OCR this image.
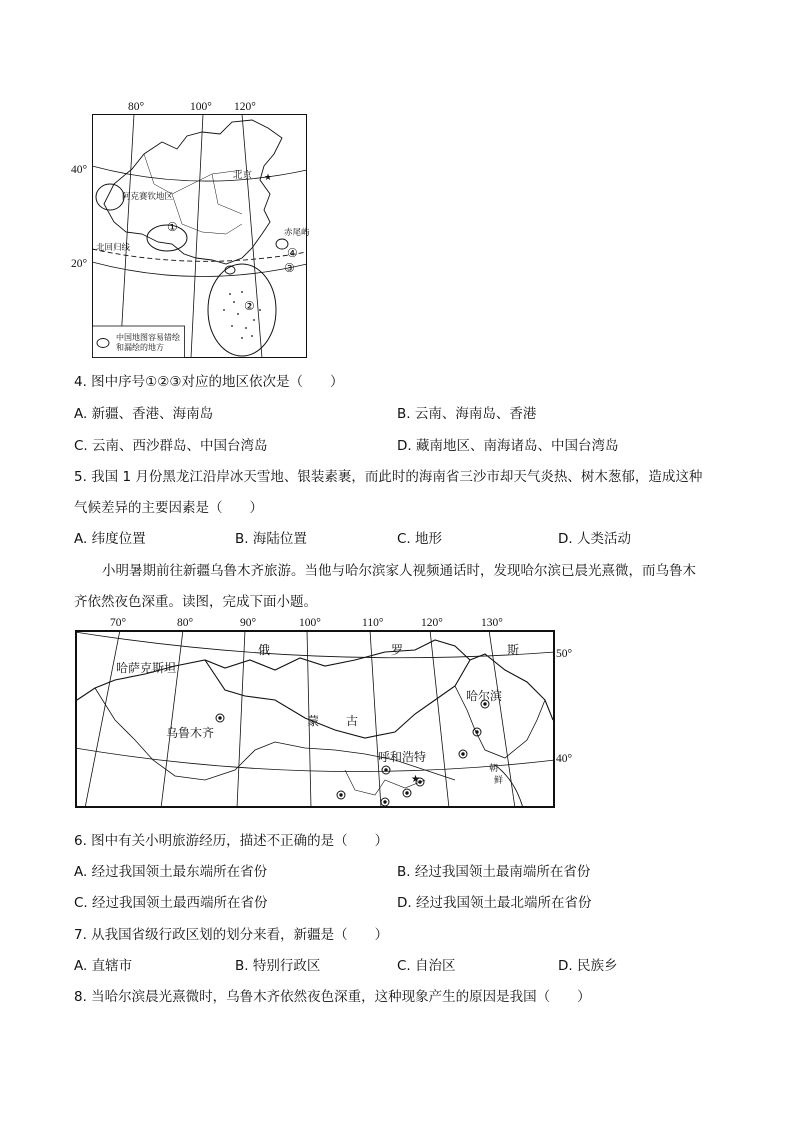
80°	100° 120°
40°
20°
★
北京
阿克赛钦地区
北回归线
赤尾屿
①
②
③
④
中国地图容易错绘和漏绘的地方
4. 图中序号①②③对应的地区依次是（　　）
A. 新疆、香港、海南岛	B. 云南、海南岛、香港
C. 云南、西沙群岛、中国台湾岛	D. 藏南地区、南海诸岛、中国台湾岛
5. 我国 1 月份黑龙江沿岸冰天雪地、银装素裹，而此时的海南省三沙市却天气炎热、树木葱郁，造成这种
气候差异的主要因素是（　　）
A. 纬度位置	B. 海陆位置	C. 地形	D. 人类活动
小明暑期前往新疆乌鲁木齐旅游。当他与哈尔滨家人视频通话时，发现哈尔滨已晨光熹微，而乌鲁木
齐依然夜色深重。读图，完成下面小题。
70°	80°	90°	100°	110°	120°	130°
50°
40°
★
哈萨克斯坦
俄	罗	斯
蒙 古
乌鲁木齐
哈尔滨
呼和浩特
朝
鲜
6. 图中有关小明旅游经历，描述不正确的是（　　）
A. 经过我国领土最东端所在省份	B. 经过我国领土最南端所在省份
C. 经过我国领土最西端所在省份	D. 经过我国领土最北端所在省份
7. 从我国省级行政区划的划分来看，新疆是（　　）
A. 直辖市	B. 特别行政区	C. 自治区	D. 民族乡
8. 当哈尔滨晨光熹微时，乌鲁木齐依然夜色深重，这种现象产生的原因是我国（　　）
